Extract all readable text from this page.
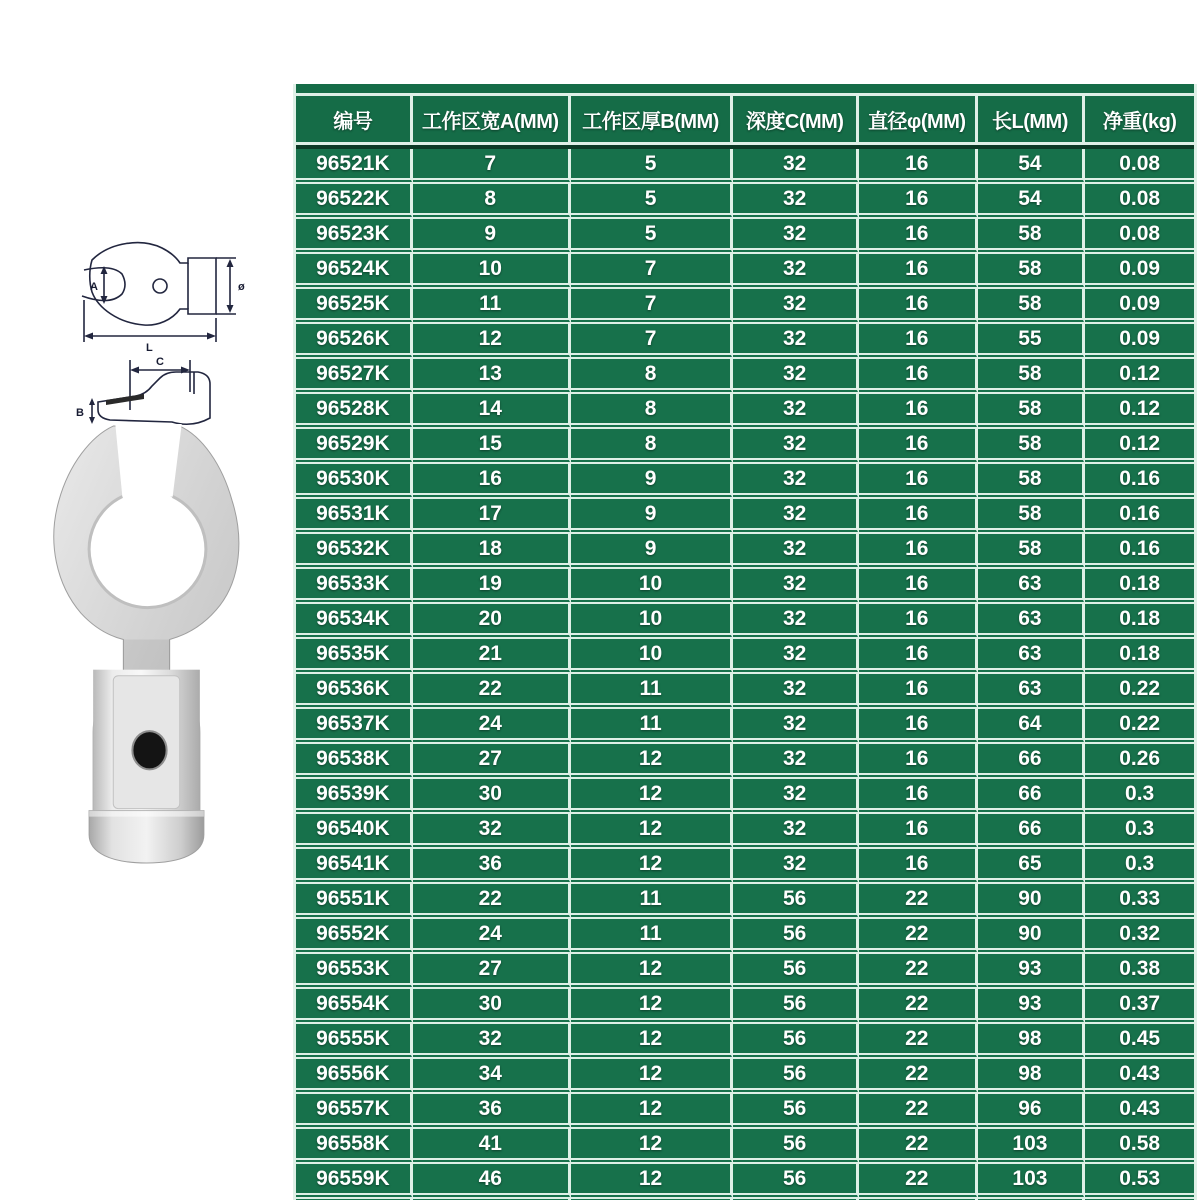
A	ø
L
C
B
编号	工作区宽A(MM)	工作区厚B(MM)	深度C(MM)	直径φ(MM)	长L(MM)	净重(kg)

96521K	7	5	32	16	54	0.08
96522K	8	5	32	16	54	0.08
96523K	9	5	32	16	58	0.08
96524K	10	7	32	16	58	0.09
96525K	11	7	32	16	58	0.09
96526K	12	7	32	16	55	0.09
96527K	13	8	32	16	58	0.12
96528K	14	8	32	16	58	0.12
96529K	15	8	32	16	58	0.12
96530K	16	9	32	16	58	0.16
96531K	17	9	32	16	58	0.16
96532K	18	9	32	16	58	0.16
96533K	19	10	32	16	63	0.18
96534K	20	10	32	16	63	0.18
96535K	21	10	32	16	63	0.18
96536K	22	11	32	16	63	0.22
96537K	24	11	32	16	64	0.22
96538K	27	12	32	16	66	0.26
96539K	30	12	32	16	66	0.3
96540K	32	12	32	16	66	0.3
96541K	36	12	32	16	65	0.3
96551K	22	11	56	22	90	0.33
96552K	24	11	56	22	90	0.32
96553K	27	12	56	22	93	0.38
96554K	30	12	56	22	93	0.37
96555K	32	12	56	22	98	0.45
96556K	34	12	56	22	98	0.43
96557K	36	12	56	22	96	0.43
96558K	41	12	56	22	103	0.58
96559K	46	12	56	22	103	0.53
